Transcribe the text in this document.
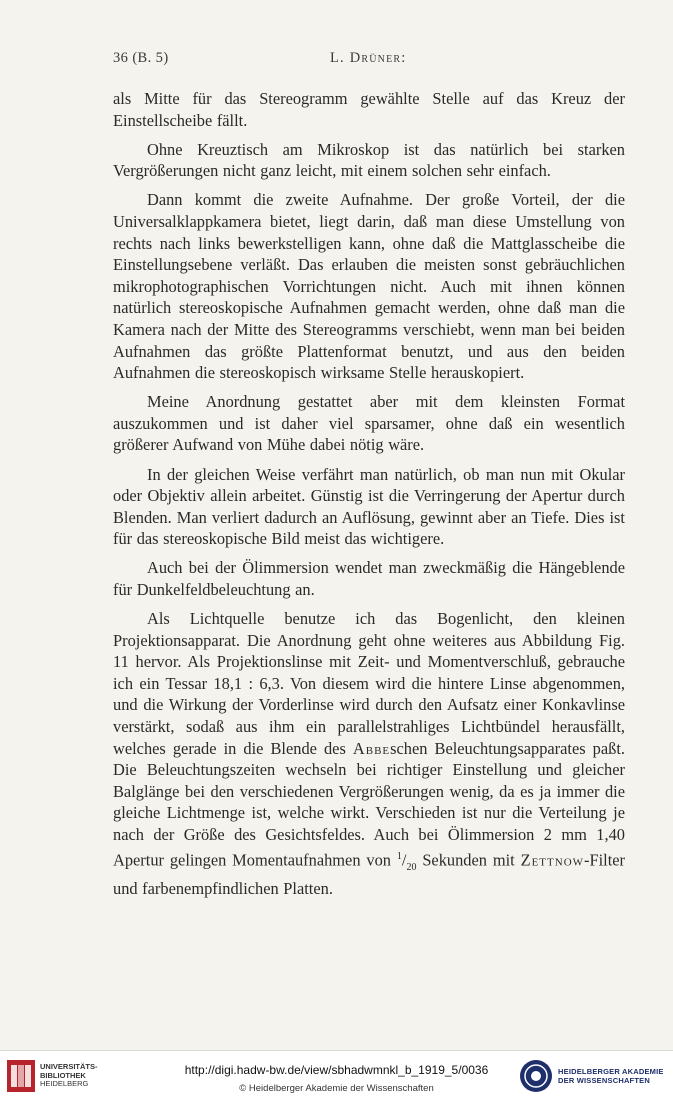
36 (B. 5)	L. Drüner:

als Mitte für das Stereogramm gewählte Stelle auf das Kreuz der Einstellscheibe fällt.

Ohne Kreuztisch am Mikroskop ist das natürlich bei starken Vergrößerungen nicht ganz leicht, mit einem solchen sehr einfach.

Dann kommt die zweite Aufnahme. Der große Vorteil, der die Universalklappkamera bietet, liegt darin, daß man diese Umstellung von rechts nach links bewerkstelligen kann, ohne daß die Mattglasscheibe die Einstellungsebene verläßt. Das erlauben die meisten sonst gebräuchlichen mikrophotographischen Vorrichtungen nicht. Auch mit ihnen können natürlich stereoskopische Aufnahmen gemacht werden, ohne daß man die Kamera nach der Mitte des Stereogramms verschiebt, wenn man bei beiden Aufnahmen das größte Plattenformat benutzt, und aus den beiden Aufnahmen die stereoskopisch wirksame Stelle herauskopiert.

Meine Anordnung gestattet aber mit dem kleinsten Format auszukommen und ist daher viel sparsamer, ohne daß ein wesentlich größerer Aufwand von Mühe dabei nötig wäre.

In der gleichen Weise verfährt man natürlich, ob man nun mit Okular oder Objektiv allein arbeitet. Günstig ist die Verringerung der Apertur durch Blenden. Man verliert dadurch an Auflösung, gewinnt aber an Tiefe. Dies ist für das stereoskopische Bild meist das wichtigere.

Auch bei der Ölimmersion wendet man zweckmäßig die Hängeblende für Dunkelfeldbeleuchtung an.

Als Lichtquelle benutze ich das Bogenlicht, den kleinen Projektionsapparat. Die Anordnung geht ohne weiteres aus Abbildung Fig. 11 hervor. Als Projektionslinse mit Zeit- und Momentverschluß, gebrauche ich ein Tessar 18,1 : 6,3. Von diesem wird die hintere Linse abgenommen, und die Wirkung der Vorderlinse wird durch den Aufsatz einer Konkavlinse verstärkt, sodaß aus ihm ein parallelstrahliges Lichtbündel herausfällt, welches gerade in die Blende des Abbeschen Beleuchtungsapparates paßt. Die Beleuchtungszeiten wechseln bei richtiger Einstellung und gleicher Balglänge bei den verschiedenen Vergrößerungen wenig, da es ja immer die gleiche Lichtmenge ist, welche wirkt. Verschieden ist nur die Verteilung je nach der Größe des Gesichtsfeldes. Auch bei Ölimmersion 2 mm 1,40 Apertur gelingen Momentaufnahmen von $^1/_{20}$ Sekunden mit Zettnow-Filter und farbenempfindlichen Platten.

UNIVERSITÄTS-
BIBLIOTHEK
HEIDELBERG
http://digi.hadw-bw.de/view/sbhadwmnkl_b_1919_5/0036
© Heidelberger Akademie der Wissenschaften
HEIDELBERGER AKADEMIE
DER WISSENSCHAFTEN
